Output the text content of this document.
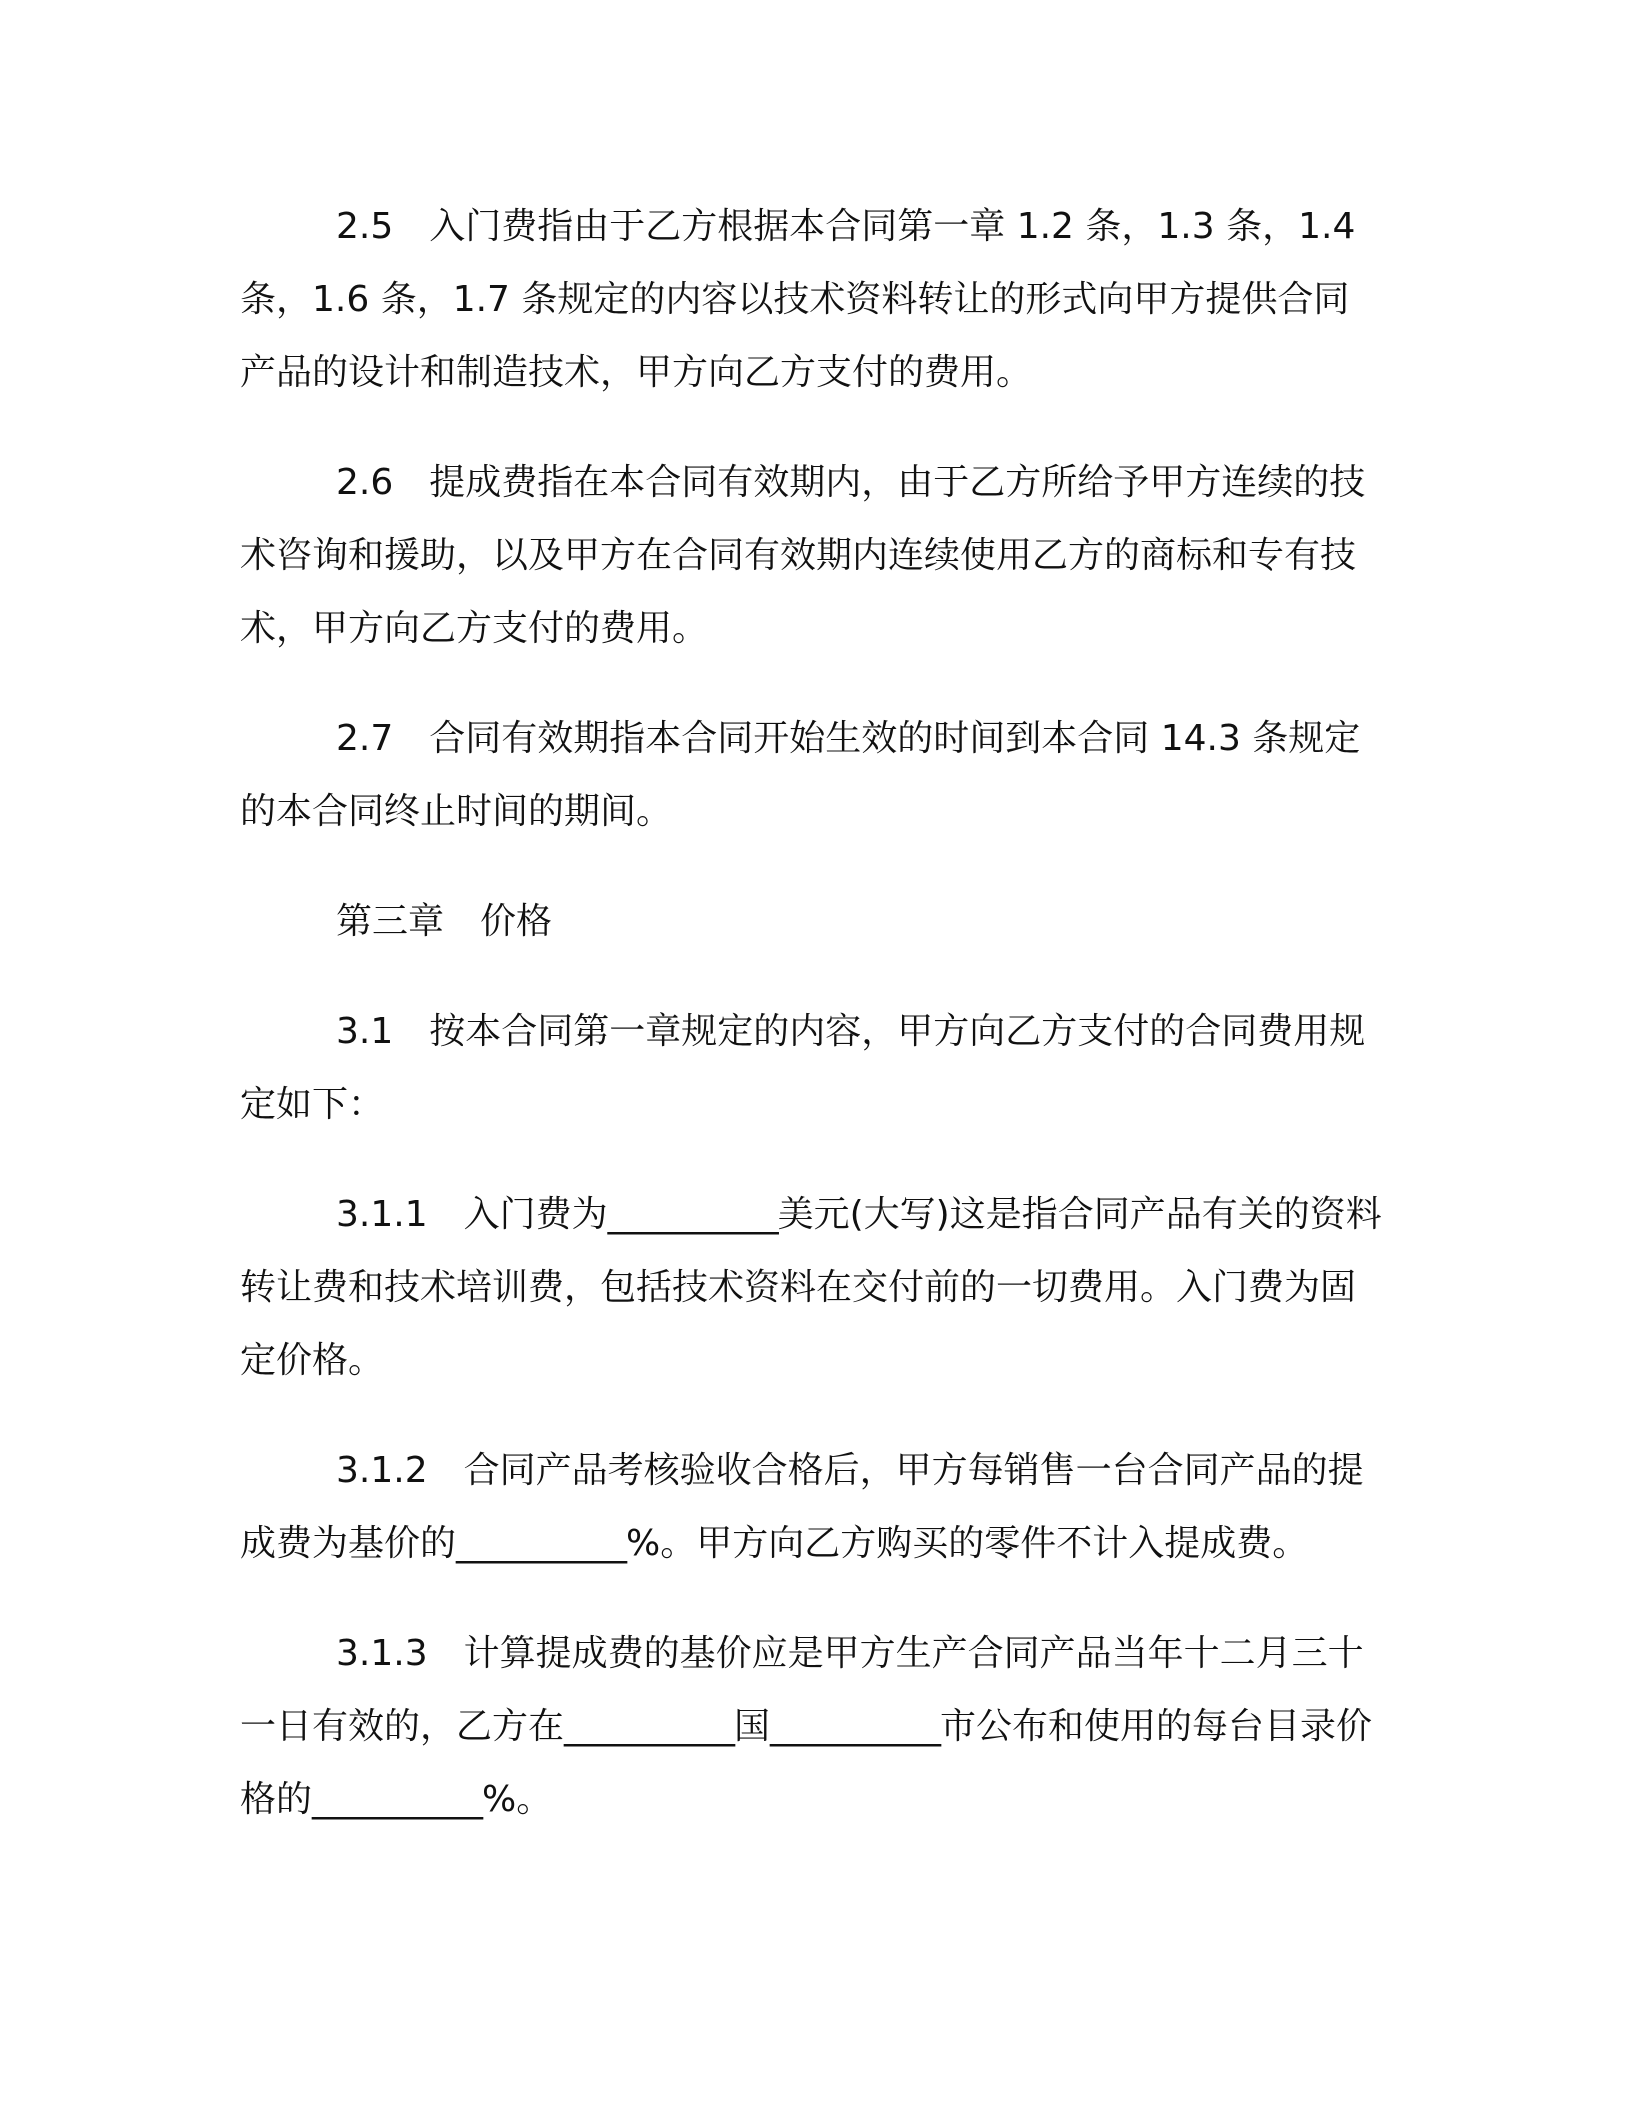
2.5 入门费指由于乙方根据本合同第一章 1.2 条，1.3 条，1.4 条，1.6 条，1.7 条规定的内容以技术资料转让的形式向甲方提供合同产品的设计和制造技术，甲方向乙方支付的费用。

2.6 提成费指在本合同有效期内，由于乙方所给予甲方连续的技术咨询和援助，以及甲方在合同有效期内连续使用乙方的商标和专有技术，甲方向乙方支付的费用。

2.7 合同有效期指本合同开始生效的时间到本合同 14.3 条规定的本合同终止时间的期间。

第三章 价格

3.1 按本合同第一章规定的内容，甲方向乙方支付的合同费用规定如下：

3.1.1 入门费为__________美元(大写)这是指合同产品有关的资料转让费和技术培训费，包括技术资料在交付前的一切费用。入门费为固定价格。

3.1.2 合同产品考核验收合格后，甲方每销售一台合同产品的提成费为基价的__________%。甲方向乙方购买的零件不计入提成费。

3.1.3 计算提成费的基价应是甲方生产合同产品当年十二月三十一日有效的，乙方在__________国__________市公布和使用的每台目录价格的__________%。
